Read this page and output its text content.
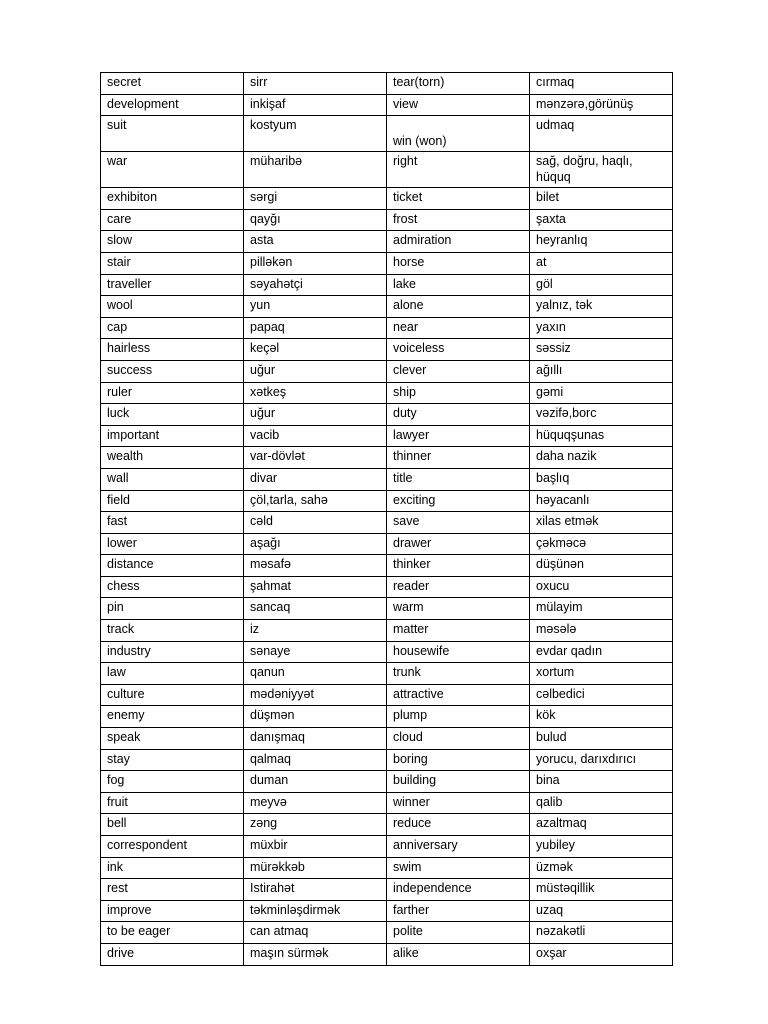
secret	sirr	tear(torn)	cırmaq
development	inkişaf	view	mənzərə,görünüş
suit	kostyum	win (won)	udmaq
war	müharibə	right	sağ, doğru, haqlı, hüquq
exhibiton	sərgi	ticket	bilet
care	qayğı	frost	şaxta
slow	asta	admiration	heyranlıq
stair	pilləkən	horse	at
traveller	səyahətçi	lake	göl
wool	yun	alone	yalnız, tək
cap	papaq	near	yaxın
hairless	keçəl	voiceless	səssiz
success	uğur	clever	ağıllı
ruler	xətkeş	ship	gəmi
luck	uğur	duty	vəzifə,borc
important	vacib	lawyer	hüquqşunas
wealth	var-dövlət	thinner	daha nazik
wall	divar	title	başlıq
field	çöl,tarla, sahə	exciting	həyacanlı
fast	cəld	save	xilas etmək
lower	aşağı	drawer	çəkməcə
distance	məsafə	thinker	düşünən
chess	şahmat	reader	oxucu
pin	sancaq	warm	mülayim
track	iz	matter	məsələ
industry	sənaye	housewife	evdar qadın
law	qanun	trunk	xortum
culture	mədəniyyət	attractive	cəlbedici
enemy	düşmən	plump	kök
speak	danışmaq	cloud	bulud
stay	qalmaq	boring	yorucu, darıxdırıcı
fog	duman	building	bina
fruit	meyvə	winner	qalib
bell	zəng	reduce	azaltmaq
correspondent	müxbir	anniversary	yubiley
ink	mürəkkəb	swim	üzmək
rest	Istirahət	independence	müstəqillik
improve	təkminləşdirmək	farther	uzaq
to be eager	can atmaq	polite	nəzakətli
drive	maşın sürmək	alike	oxşar
